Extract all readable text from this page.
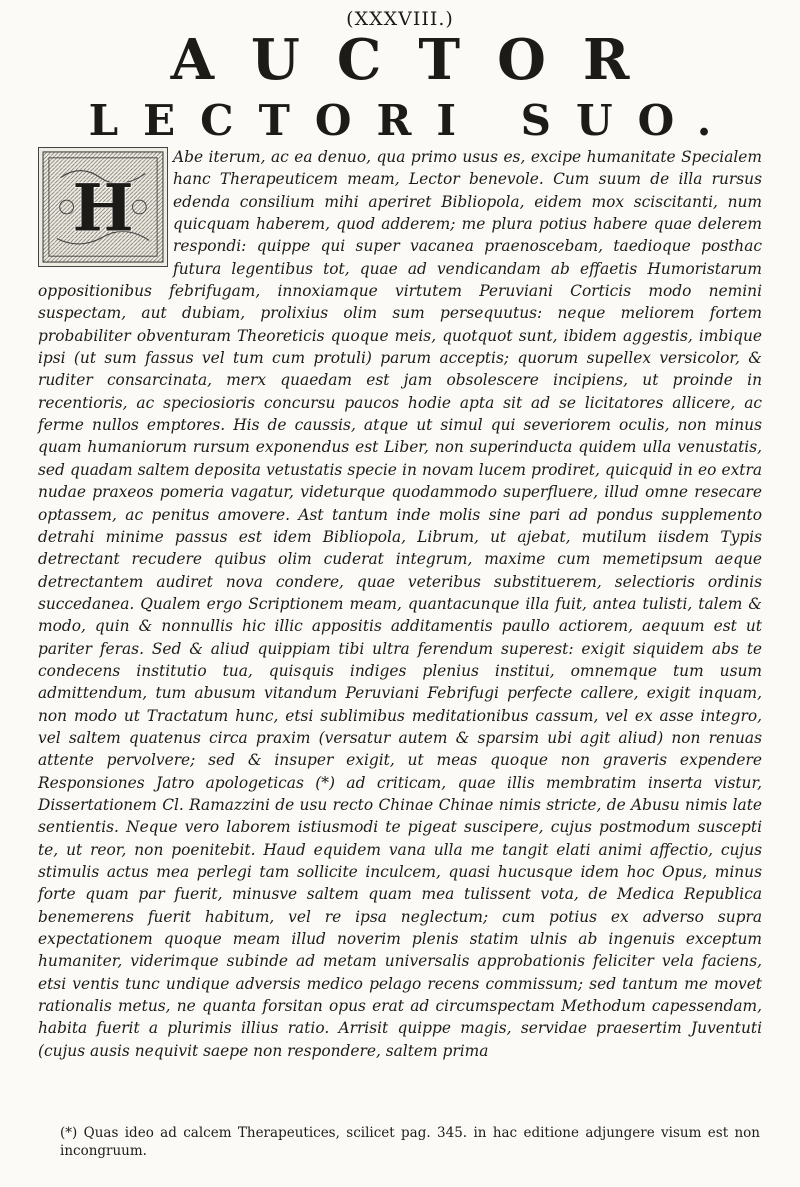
(XXXVIII.)
AUCTOR
LECTORI SUO.
H
Abe iterum, ac ea denuo, qua primo usus es, excipe humanitate Specialem hanc Therapeuticem meam, Lector benevole. Cum suum de illa rursus edenda consilium mihi aperiret Bibliopola, eidem mox sciscitanti, num quicquam haberem, quod adderem; me plura potius habere quae delerem respondi: quippe qui super vacanea praenoscebam, taedioque posthac futura legentibus tot, quae ad vendicandam ab effaetis Humoristarum oppositionibus febrifugam, innoxiamque virtutem Peruviani Corticis modo nemini suspectam, aut dubiam, prolixius olim sum persequutus: neque meliorem fortem probabiliter obventuram Theoreticis quoque meis, quotquot sunt, ibidem aggestis, imbique ipsi (ut sum fassus vel tum cum protuli) parum acceptis; quorum supellex versicolor, & ruditer consarcinata, merx quaedam est jam obsolescere incipiens, ut proinde in recentioris, ac speciosioris concursu paucos hodie apta sit ad se licitatores allicere, ac ferme nullos emptores. His de caussis, atque ut simul qui severiorem oculis, non minus quam humaniorum rursum exponendus est Liber, non superinducta quidem ulla venustatis, sed quadam saltem deposita vetustatis specie in novam lucem prodiret, quicquid in eo extra nudae praxeos pomeria vagatur, videturque quodammodo superfluere, illud omne resecare optassem, ac penitus amovere. Ast tantum inde molis sine pari ad pondus supplemento detrahi minime passus est idem Bibliopola, Librum, ut ajebat, mutilum iisdem Typis detrectant recudere quibus olim cuderat integrum, maxime cum memetipsum aeque detrectantem audiret nova condere, quae veteribus substituerem, selectioris ordinis succedanea. Qualem ergo Scriptionem meam, quantacunque illa fuit, antea tulisti, talem & modo, quin & nonnullis hic illic appositis additamentis paullo actiorem, aequum est ut pariter feras. Sed & aliud quippiam tibi ultra ferendum superest: exigit siquidem abs te condecens institutio tua, quisquis indiges plenius institui, omnemque tum usum admittendum, tum abusum vitandum Peruviani Febrifugi perfecte callere, exigit inquam, non modo ut Tractatum hunc, etsi sublimibus meditationibus cassum, vel ex asse integro, vel saltem quatenus circa praxim (versatur autem & sparsim ubi agit aliud) non renuas attente pervolvere; sed & insuper exigit, ut meas quoque non graveris expendere Responsiones Jatro apologeticas (*) ad criticam, quae illis membratim inserta vistur, Dissertationem Cl. Ramazzini de usu recto Chinae Chinae nimis stricte, de Abusu nimis late sentientis. Neque vero laborem istiusmodi te pigeat suscipere, cujus postmodum suscepti te, ut reor, non poenitebit. Haud equidem vana ulla me tangit elati animi affectio, cujus stimulis actus mea perlegi tam sollicite inculcem, quasi hucusque idem hoc Opus, minus forte quam par fuerit, minusve saltem quam mea tulissent vota, de Medica Republica benemerens fuerit habitum, vel re ipsa neglectum; cum potius ex adverso supra expectationem quoque meam illud noverim plenis statim ulnis ab ingenuis exceptum humaniter, viderimque subinde ad metam universalis approbationis feliciter vela faciens, etsi ventis tunc undique adversis medico pelago recens commissum; sed tantum me movet rationalis metus, ne quanta forsitan opus erat ad circumspectam Methodum capessendam, habita fuerit a plurimis illius ratio. Arrisit quippe magis, servidae praesertim Juventuti (cujus ausis nequivit saepe non respondere, saltem prima
(*) Quas ideo ad calcem Therapeutices, scilicet pag. 345. in hac editione adjungere visum est non incongruum.
